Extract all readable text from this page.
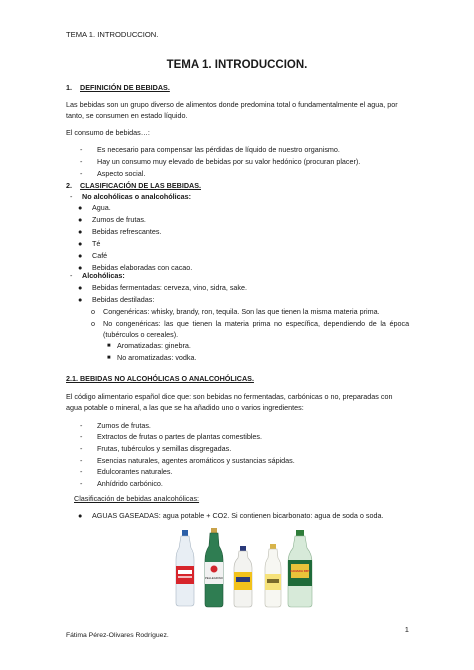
TEMA 1. INTRODUCCION.
TEMA 1. INTRODUCCION.
1. DEFINICIÓN DE BEBIDAS.
Las bebidas son un grupo diverso de alimentos donde predomina total o fundamentalmente el agua, por
tanto, se consumen en estado líquido.
El consumo de bebidas…:
- Es necesario para compensar las pérdidas de líquido de nuestro organismo.
- Hay un consumo muy elevado de bebidas por su valor hedónico (procuran placer).
- Aspecto social.
2. CLASIFICACIÓN DE LAS BEBIDAS.
- No alcohólicas o analcohólicas:
● Agua.
● Zumos de frutas.
● Bebidas refrescantes.
● Té
● Café
● Bebidas elaboradas con cacao.
- Alcohólicas:
● Bebidas fermentadas: cerveza, vino, sidra, sake.
● Bebidas destiladas:
o Congenéricas: whisky, brandy, ron, tequila. Son las que tienen la misma materia prima.
o No congenéricas: las que tienen la materia prima no específica, dependiendo de la época
(tubérculos o cereales).
■ Aromatizadas: ginebra.
■ No aromatizadas: vodka.
2.1. BEBIDAS NO ALCOHÓLICAS O ANALCOHÓLICAS.
El código alimentario español dice que: son bebidas no fermentadas, carbónicas o no, preparadas con
agua potable o mineral, a las que se ha añadido uno o varios ingredientes:
- Zumos de frutas.
- Extractos de frutas o partes de plantas comestibles.
- Frutas, tubérculos y semillas disgregadas.
- Esencias naturales, agentes aromáticos y sustancias sápidas.
- Edulcorantes naturales.
- Anhídrido carbónico.
Clasificación de bebidas analcohólicas:
● AGUAS GASEADAS: agua potable + CO2. Si contienen bicarbonato: agua de soda o soda.
PELLEGRINO
CANADA DRY
1
Fátima Pérez-Olivares Rodríguez.
